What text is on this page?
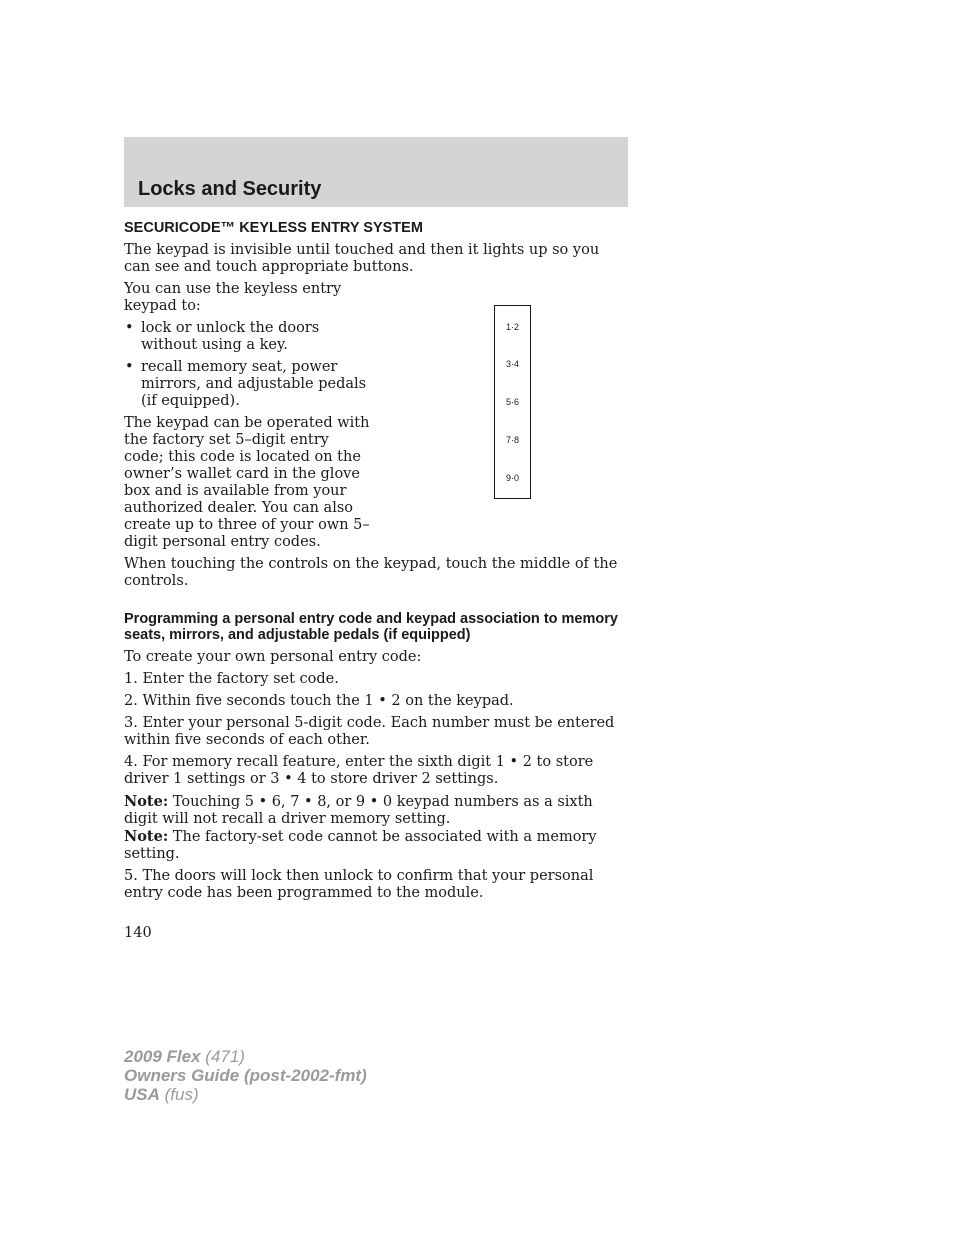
Locks and Security
SECURICODE™ KEYLESS ENTRY SYSTEM

The keypad is invisible until touched and then it lights up so you can see and touch appropriate buttons.

You can use the keyless entry keypad to:

• lock or unlock the doors without using a key.
• recall memory seat, power mirrors, and adjustable pedals (if equipped).

The keypad can be operated with the factory set 5–digit entry code; this code is located on the owner’s wallet card in the glove box and is available from your authorized dealer. You can also create up to three of your own 5–digit personal entry codes.

When touching the controls on the keypad, touch the middle of the controls.

Programming a personal entry code and keypad association to memory seats, mirrors, and adjustable pedals (if equipped)

To create your own personal entry code:

1. Enter the factory set code.

2. Within five seconds touch the 1 • 2 on the keypad.

3. Enter your personal 5-digit code. Each number must be entered within five seconds of each other.

4. For memory recall feature, enter the sixth digit 1 • 2 to store driver 1 settings or 3 • 4 to store driver 2 settings.

Note: Touching 5 • 6, 7 • 8, or 9 • 0 keypad numbers as a sixth digit will not recall a driver memory setting.

Note: The factory-set code cannot be associated with a memory setting.

5. The doors will lock then unlock to confirm that your personal entry code has been programmed to the module.

1·2
3·4
5·6
7·8
9·0
140
2009 Flex (471)
Owners Guide (post-2002-fmt)
USA (fus)
